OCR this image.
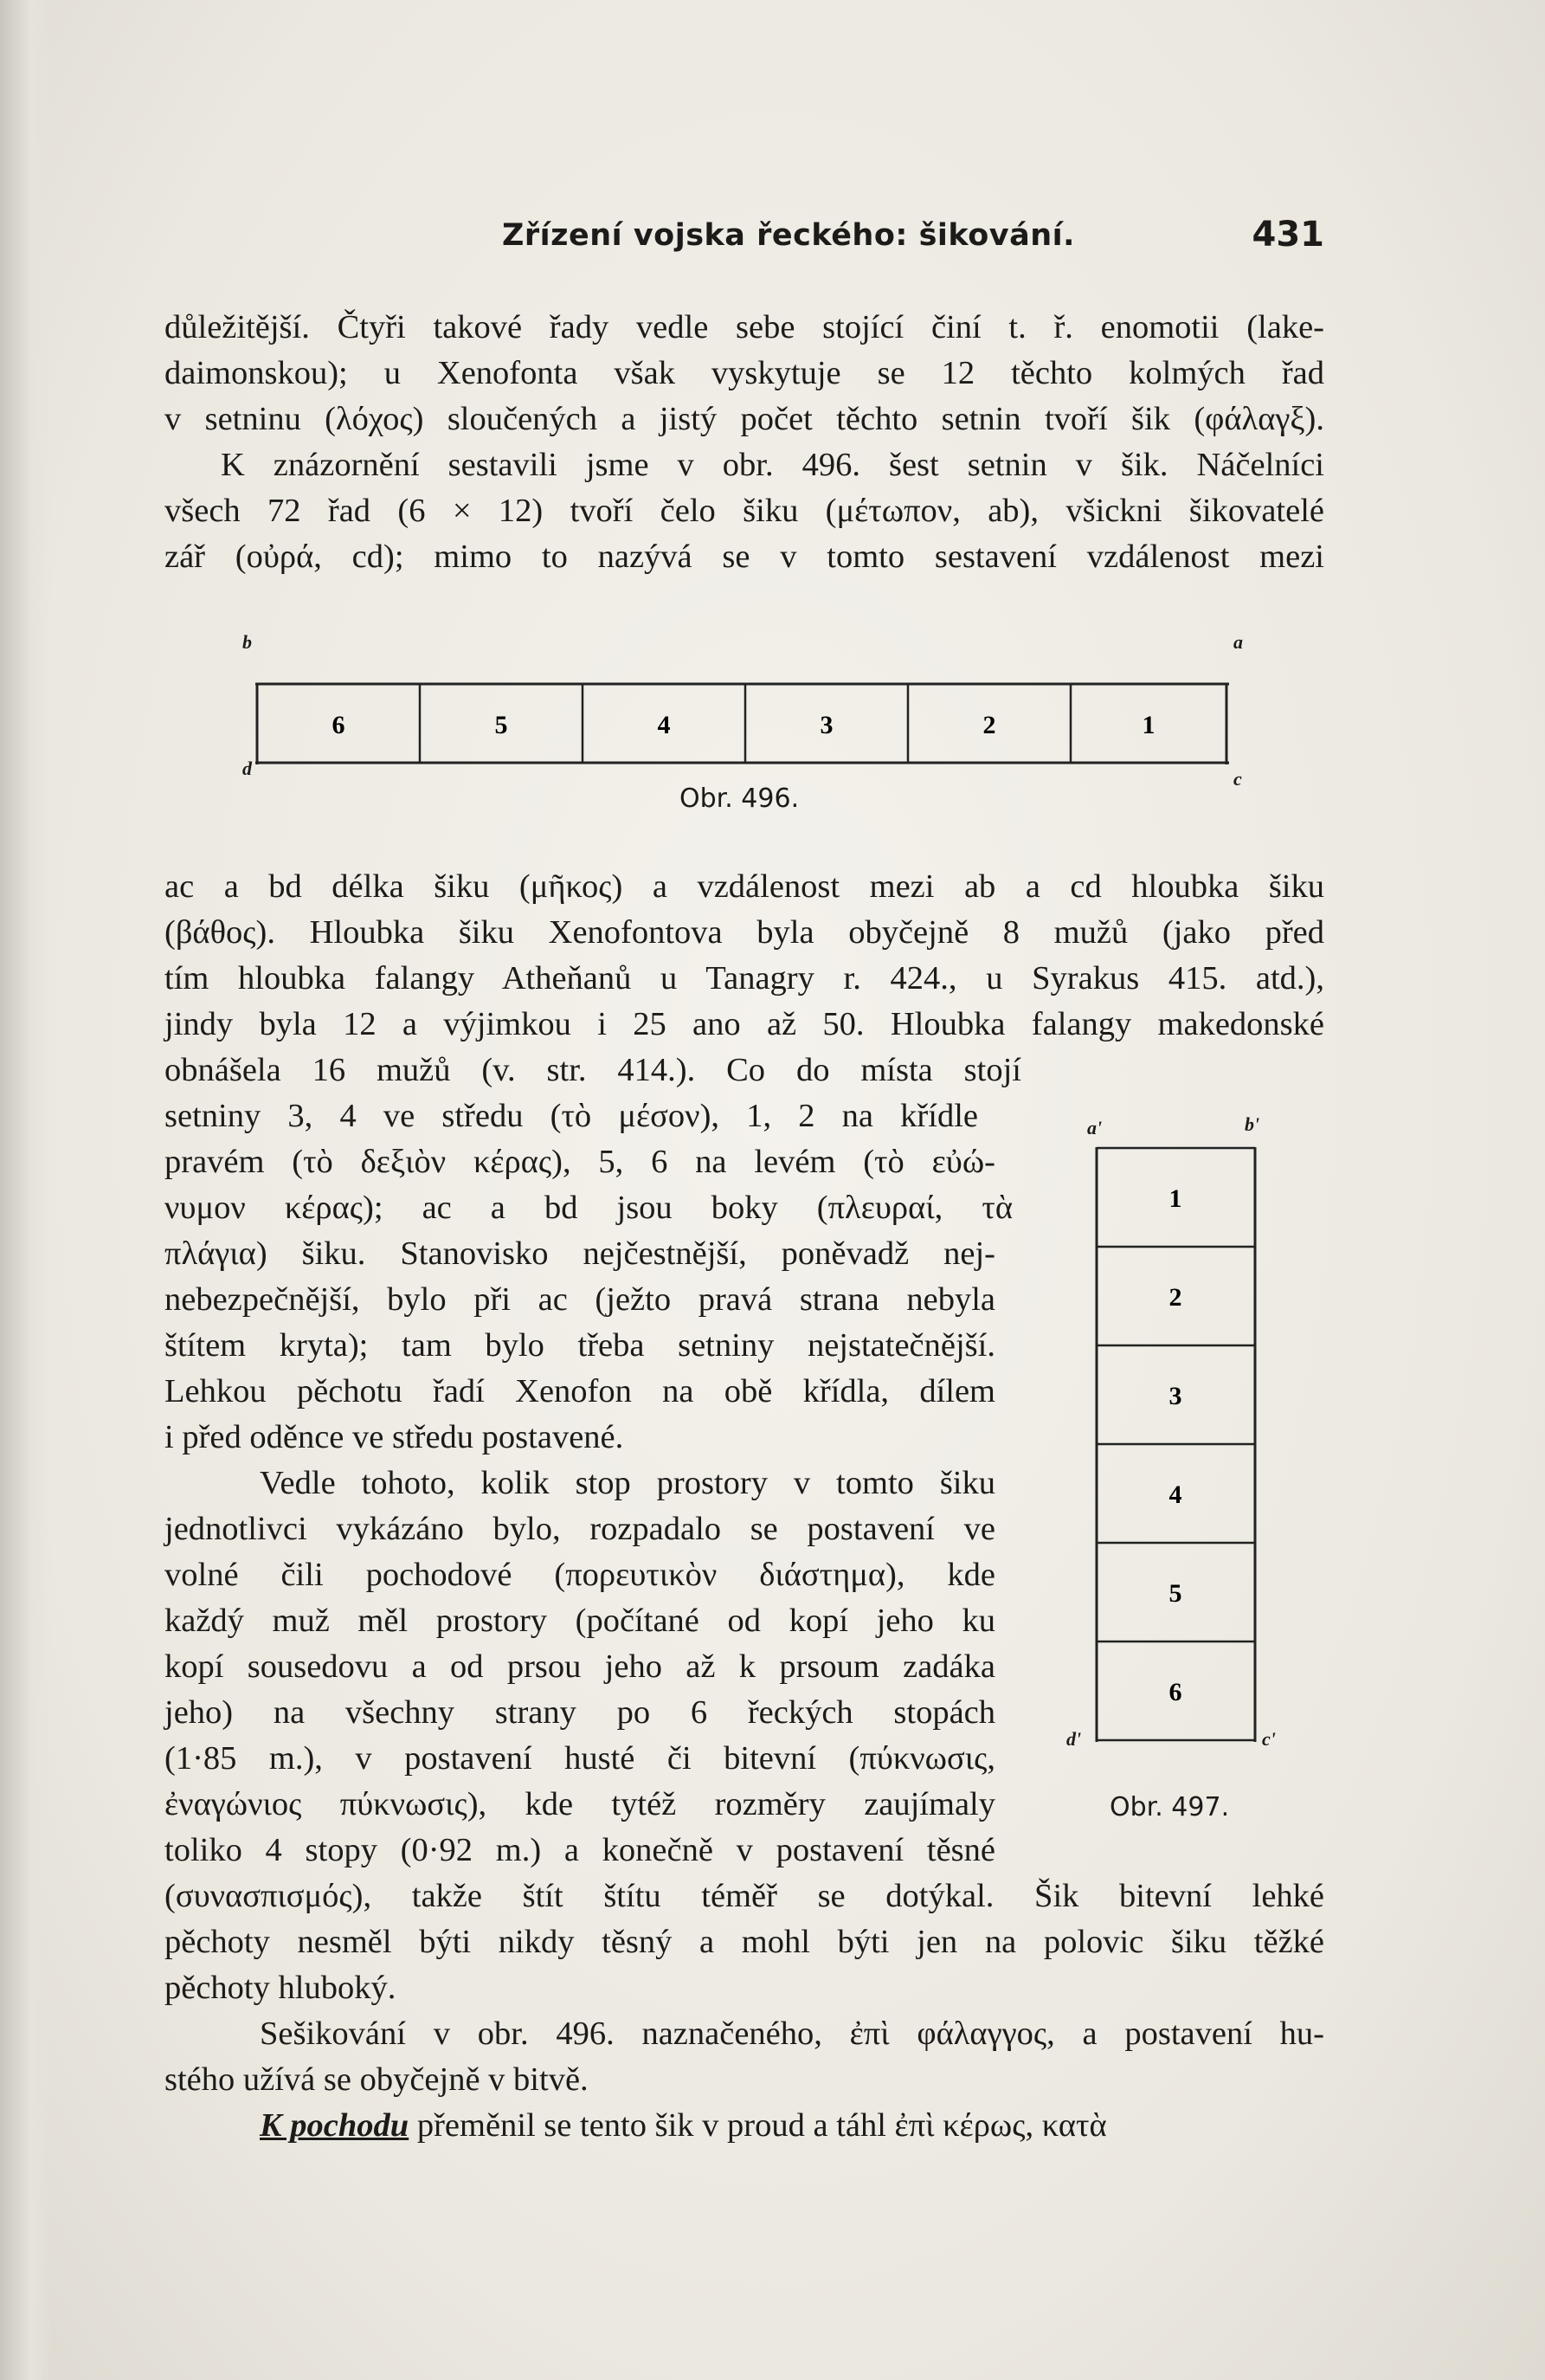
Zřízení vojska řeckého: šikování.	431
důležitější. Čtyři takové řady vedle sebe stojící činí t. ř. enomotii (lake-
daimonskou); u Xenofonta však vyskytuje se 12 těchto kolmých řad
v setninu (λόχος) sloučených a jistý počet těchto setnin tvoří šik (φάλαγξ).
K znázornění sestavili jsme v obr. 496. šest setnin v šik. Náčelníci
všech 72 řad (6 × 12) tvoří čelo šiku (μέτωπον, ab), všickni šikovatelé
zář (οὐρά, cd); mimo to nazývá se v tomto sestavení vzdálenost mezi
b	a
d	c
6	5	4	3	2	1
Obr. 496.
ac a bd délka šiku (μῆκος) a vzdálenost mezi ab a cd hloubka šiku
(βάθος). Hloubka šiku Xenofontova byla obyčejně 8 mužů (jako před
tím hloubka falangy Atheňanů u Tanagry r. 424., u Syrakus 415. atd.),
jindy byla 12 a výjimkou i 25 ano až 50. Hloubka falangy makedonské
obnášela 16 mužů (v. str. 414.). Co do místa stojí
setniny 3, 4 ve středu (τὸ μέσον), 1, 2 na křídle
pravém (τὸ δεξιὸν κέρας), 5, 6 na levém (τὸ εὐώ-
νυμον κέρας); ac a bd jsou boky (πλευραί, τὰ
πλάγια) šiku. Stanovisko nejčestnější, poněvadž nej-
nebezpečnější, bylo při ac (ježto pravá strana nebyla
štítem kryta); tam bylo třeba setniny nejstatečnější.
Lehkou pěchotu řadí Xenofon na obě křídla, dílem
i před oděnce ve středu postavené.
Vedle tohoto, kolik stop prostory v tomto šiku
jednotlivci vykázáno bylo, rozpadalo se postavení ve
volné čili pochodové (πορευτικὸν διάστημα), kde
každý muž měl prostory (počítané od kopí jeho ku
kopí sousedovu a od prsou jeho až k prsoum zadáka
jeho) na všechny strany po 6 řeckých stopách
(1·85 m.), v postavení husté či bitevní (πύκνωσις,
ἐναγώνιος πύκνωσις), kde tytéž rozměry zaujímaly
toliko 4 stopy (0·92 m.) a konečně v postavení těsné
(συνασπισμός), takže štít štítu téměř se dotýkal. Šik bitevní lehké
pěchoty nesměl býti nikdy těsný a mohl býti jen na polovic šiku těžké
pěchoty hluboký.
a'	b'
d'	c'
1
2
3
4
5
6
Obr. 497.
Sešikování v obr. 496. naznačeného, ἐπὶ φάλαγγος, a postavení hu-
stého užívá se obyčejně v bitvě.
K pochodu přeměnil se tento šik v proud a táhl ἐπὶ κέρως, κατὰ
